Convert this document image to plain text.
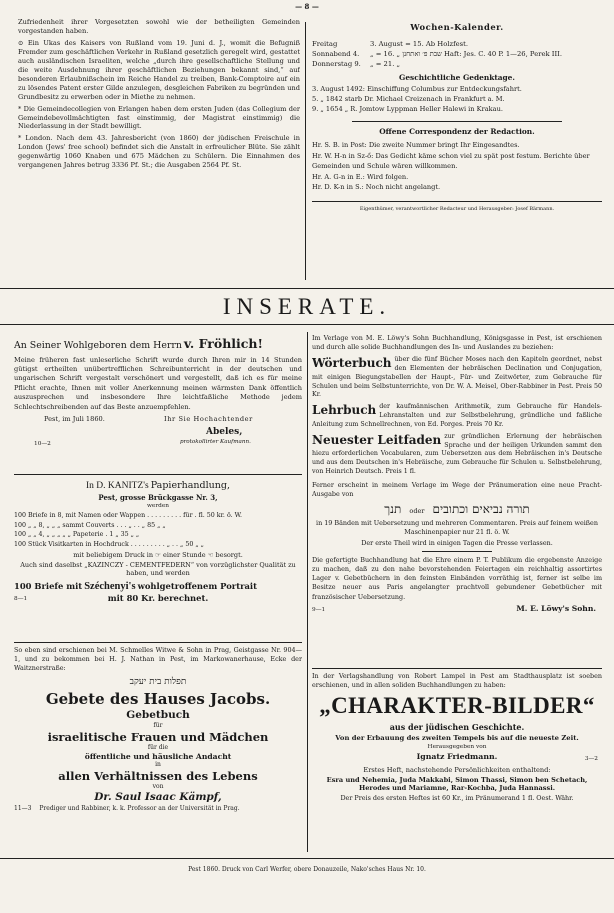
— 8 —

Zufriedenheit ihrer Vorgesetzten sowohl wie der betheiligten Gemeinden vorgestanden haben.

⊙ Ein Ukas des Kaisers von Rußland vom 19. Juni d. J., womit die Befugniß Fremder zum geschäftlichen Verkehr in Rußland gesetzlich geregelt wird, gestattet auch ausländischen Israeliten, welche „durch ihre gesellschaftliche Stellung und die weite Ausdehnung ihrer geschäftlichen Beziehungen bekannt sind,“ auf besonderen Erlaubnißschein im Reiche Handel zu treiben, Bank-Comptoire auf ein zu lösendes Patent erster Gilde anzulegen, desgleichen Fabriken zu begründen und Grundbesitz zu erwerben oder in Miethe zu nehmen.

* Die Gemeindecollegien von Erlangen haben dem ersten Juden (das Collegium der Gemeindebevollmächtigten fast einstimmig, der Magistrat einstimmig) die Niederlassung in der Stadt bewilligt.

* London. Nach dem 43. Jahresbericht (von 1860) der jüdischen Freischule in London (Jews' free school) befindet sich die Anstalt in erfreulicher Blüte. Sie zählt gegenwärtig 1060 Knaben und 675 Mädchen zu Schülern. Die Einnahmen des vergangenen Jahres betrug 3336 Pf. St.; die Ausgaben 2564 Pf. St.

Wochen-Kalender.
Freitag	3. August = 15. Ab Holzfest.
Sonnabend 4. „ = 16. „ שבת פ׳ ואתחנן Haft: Jes. C. 40 P. 1—26, Perek III.
Donnerstag 9. „ = 21. „
Geschichtliche Gedenktage.
3. August 1492: Einschiffung Columbus zur Entdeckungsfahrt.
5. „ 1842 starb Dr. Michael Creizenach in Frankfurt a. M.
9. „ 1654 „ R. Jomtow Lyppman Heller Halewi in Krakau.
Offene Correspondenz der Redaction.
Hr. S. B. in Post: Die zweite Nummer bringt Ihr Eingesandtes.
Hr. W. H-n in Sz-ő: Das Gedicht käme schon viel zu spät post festum. Berichte über Gemeinden und Schule wären willkommen.
Hr. A. G-n in E.: Wird folgen.
Hr. D. K-n in S.: Noch nicht angelangt.
Eigenthümer, verantwortlicher Redacteur und Herausgeber: Josef Bärmann.
INSERATE.
An Seiner Wohlgeboren dem Herrn v. Fröhlich!

Meine früheren fast unleserliche Schrift wurde durch Ihren mir in 14 Stunden gütigst ertheilten unübertrefflichen Schreibunterricht in der deutschen und ungarischen Schrift vergestalt verschönert und vergestellt, daß ich es für meine Pflicht erachte, Ihnen mit voller Anerkennung meinen wärmsten Dank öffentlich auszusprechen und insbesondere Ihre leichtfaßliche Methode jedem Schlechtschreibenden auf das Beste anzuempfehlen.

Pest, im Juli 1860.	Ihr Sie Hochachtender
Abeles,
protokollirter Kaufmann.
10—2
In D. KANITZ's Papierhandlung,
Pest, grosse Brückgasse Nr. 3,
werden
100 Briefe in 8, mit Namen oder Wappen . . . . . . . . . für . fl. 50 kr. ö. W.
100 „ „ 8, „ „ „ sammt Couverts . . . „ . . „ 85 „ „
100 „ „ 4, „ „ „ „ „ Papeterie . 1 „ 35 „ „
100 Stück Visitkarten in Hochdruck . . . . . . . . . „ . . „ 50 „ „
mit beliebigem Druck in ☞ einer Stunde ☜ besorgt.

Auch sind daselbst „KAZINCZY - CEMENTFEDERN“ von vorzüglichster Qualität zu haben, und werden

100 Briefe mit Széchenyi's wohlgetroffenem Portrait
8—1	mit 80 Kr. berechnet.

So eben sind erschienen bei M. Schmelles Witwe & Sohn in Prag, Geistgasse Nr. 904—1, und zu bekommen bei H. J. Nathan in Pest, im Markowanerhause, Ecke der Waitznerstraße:

תפלות בית יעקב
Gebete des Hauses Jacobs.
Gebetbuch
für
israelitische Frauen und Mädchen
für die
öffentliche und häusliche Andacht
in
allen Verhältnissen des Lebens
von
Dr. Saul Isaac Kämpf,
11—3 Prediger und Rabbiner, k. k. Professor an der Universität in Prag.

Im Verlage von M. E. Löwy's Sohn Buchhandlung, Königsgasse in Pest, ist erschienen und durch alle solide Buchhandlungen des In- und Auslandes zu beziehen:

Wörterbuch über die fünf Bücher Moses nach den Kapiteln geordnet, nebst den Elementen der hebräischen Declination und Conjugation, mit einigen Biegungstabellen der Haupt-, Für- und Zeitwörter, zum Gebrauche für Schulen und beim Selbstunterrichte, von Dr. W. A. Meisel, Ober-Rabbiner in Pest. Preis 50 Kr.
Lehrbuch der kaufmännischen Arithmetik, zum Gebrauche für Handels-Lehranstalten und zur Selbstbelehrung, gründliche und faßliche Anleitung zum Schnellrechnen, von Ed. Porges. Preis 70 Kr.
Neuester Leitfaden zur gründlichen Erlernung der hebräischen Sprache und der heiligen Urkunden sammt den hiezu erforderlichen Vocabularen, zum Uebersetzen aus dem Hebräischen in's Deutsche und aus dem Deutschen in's Hebräische, zum Gebrauche für Schulen u. Selbstbelehrung, von Heinrich Deutsch. Preis 1 fl.

Ferner erscheint in meinem Verlage im Wege der Pränumeration eine neue Pracht-Ausgabe von

תנך oder תורה נביאים וכתובים

in 19 Bänden mit Uebersetzung und mehreren Commentaren. Preis auf feinem weißen Maschinenpapier nur 21 fl. ö. W.

Der erste Theil wird in einigen Tagen die Presse verlassen.

Die gefertigte Buchhandlung hat die Ehre einem P. T. Publikum die ergebenste Anzeige zu machen, daß zu den nahe bevorstehenden Feiertagen ein reichhaltig assortirtes Lager v. Gebetbüchern in den feinsten Einbänden vorräthig ist, ferner ist selbe im Besitze neuer aus Paris angelangter prachtvoll gebundener Gebetbücher mit französischer Uebersetzung.

9—1	M. E. Löwy's Sohn.

In der Verlagshandlung von Robert Lampel in Pest am Stadthausplatz ist soeben erschienen, und in allen soliden Buchhandlungen zu haben:

„CHARAKTER-BILDER“
aus der jüdischen Geschichte.
Von der Erbauung des zweiten Tempels bis auf die neueste Zeit.
Herausgegeben von
Ignatz Friedmann.	3—2
Erstes Heft, nachstehende Persönlichkeiten enthaltend:
Esra und Nehemia, Juda Makkabi, Simon Thassi, Simon ben Schetach,
Herodes und Mariamne, Rar-Kochba, Juda Hannassi.
Der Preis des ersten Heftes ist 60 Kr., im Pränumerand 1 fl. Oest. Währ.
Pest 1860. Druck von Carl Werfer, obere Donauzeile, Nako'sches Haus Nr. 10.
